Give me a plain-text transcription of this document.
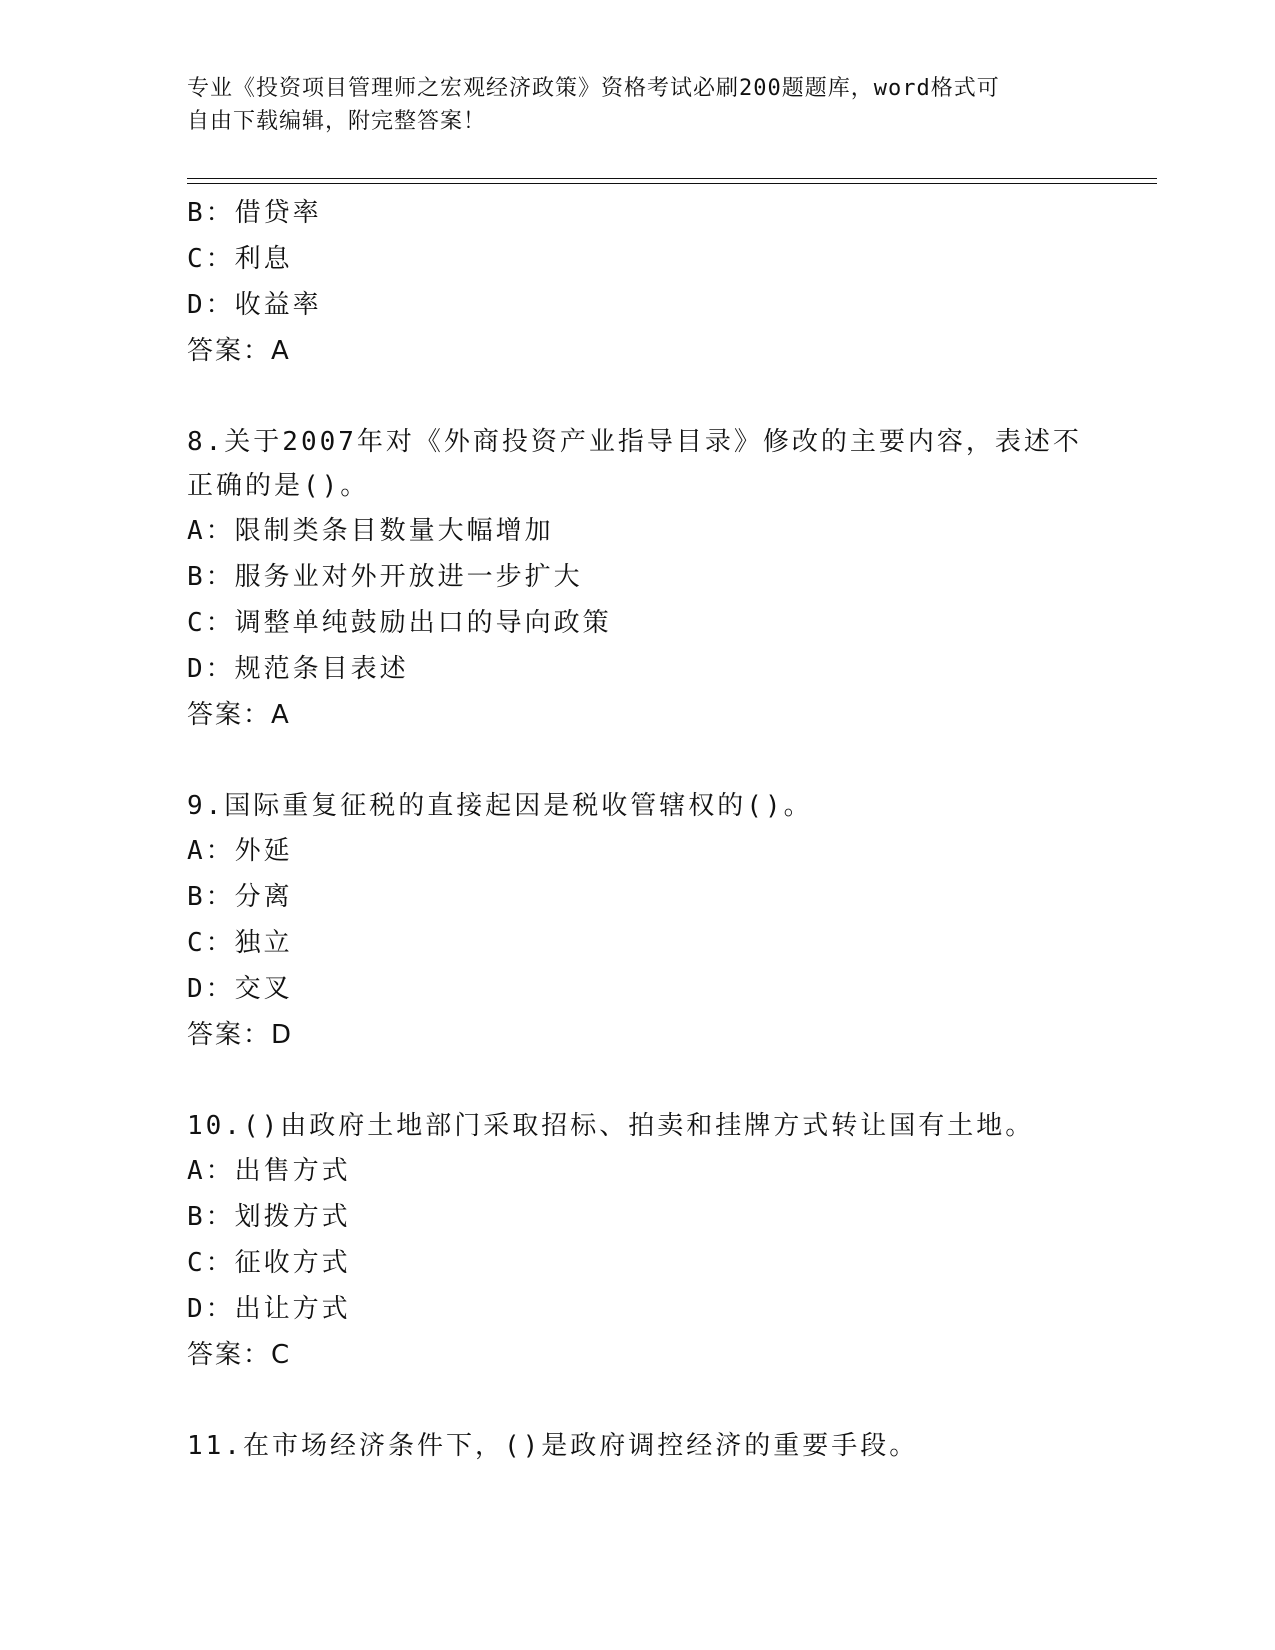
专业《投资项目管理师之宏观经济政策》资格考试必刷200题题库，word格式可
自由下载编辑，附完整答案！
B：借贷率
C：利息
D：收益率
答案：A
8.关于2007年对《外商投资产业指导目录》修改的主要内容，表述不
正确的是()。
A：限制类条目数量大幅增加
B：服务业对外开放进一步扩大
C：调整单纯鼓励出口的导向政策
D：规范条目表述
答案：A
9.国际重复征税的直接起因是税收管辖权的()。
A：外延
B：分离
C：独立
D：交叉
答案：D
10.()由政府土地部门采取招标、拍卖和挂牌方式转让国有土地。
A：出售方式
B：划拨方式
C：征收方式
D：出让方式
答案：C
11.在市场经济条件下，()是政府调控经济的重要手段。
